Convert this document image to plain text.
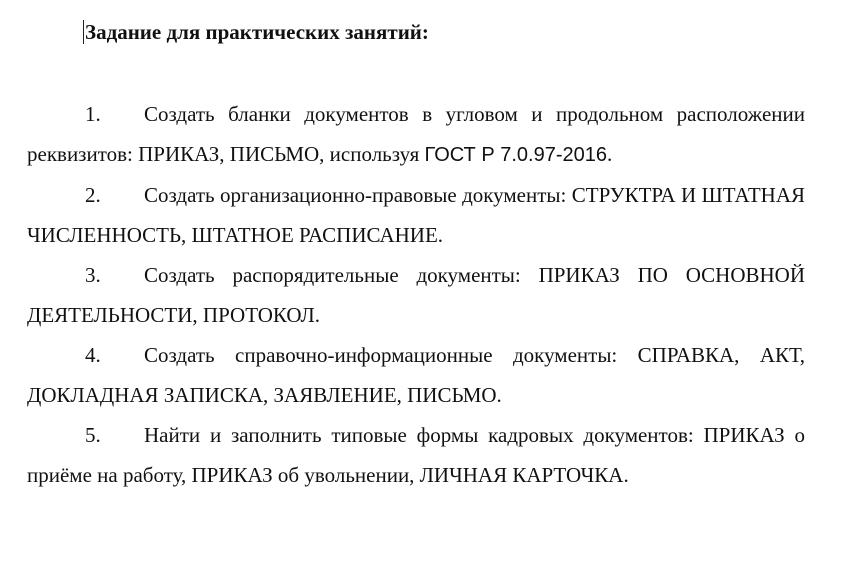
Задание для практических занятий:
1. Создать бланки документов в угловом и продольном расположении реквизитов: ПРИКАЗ, ПИСЬМО, используя ГОСТ Р 7.0.97-2016.
2. Создать организационно-правовые документы: СТРУКТРА И ШТАТНАЯ ЧИСЛЕННОСТЬ, ШТАТНОЕ РАСПИСАНИЕ.
3. Создать распорядительные документы: ПРИКАЗ ПО ОСНОВНОЙ ДЕЯТЕЛЬНОСТИ, ПРОТОКОЛ.
4. Создать справочно-информационные документы: СПРАВКА, АКТ, ДОКЛАДНАЯ ЗАПИСКА, ЗАЯВЛЕНИЕ, ПИСЬМО.
5. Найти и заполнить типовые формы кадровых документов: ПРИКАЗ о приёме на работу, ПРИКАЗ об увольнении, ЛИЧНАЯ КАРТОЧКА.
